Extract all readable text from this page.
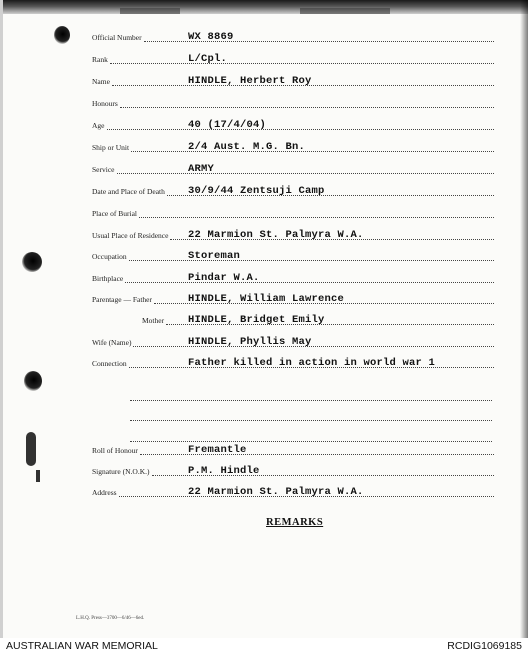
Official Number	WX 8869
Rank	L/Cpl.
Name	HINDLE, Herbert Roy
Honours
Age	40 (17/4/04)
Ship or Unit	2/4 Aust. M.G. Bn.
Service	ARMY
Date and Place of Death 30/9/44 Zentsuji Camp
Place of Burial
Usual Place of Residence 22 Marmion St. Palmyra W.A.
Occupation	Storeman
Birthplace	Pindar W.A.
Parentage — Father	HINDLE, William Lawrence
Mother HINDLE, Bridget Emily
Wife (Name)	HINDLE, Phyllis May
Connection	Father killed in action in world war 1
Roll of Honour	Fremantle
Signature (N.O.K.)	P.M. Hindle
Address	22 Marmion St. Palmyra W.A.
REMARKS
L.H.Q. Press—3700—6/46—6ed.
AUSTRALIAN WAR MEMORIAL	RCDIG1069185
